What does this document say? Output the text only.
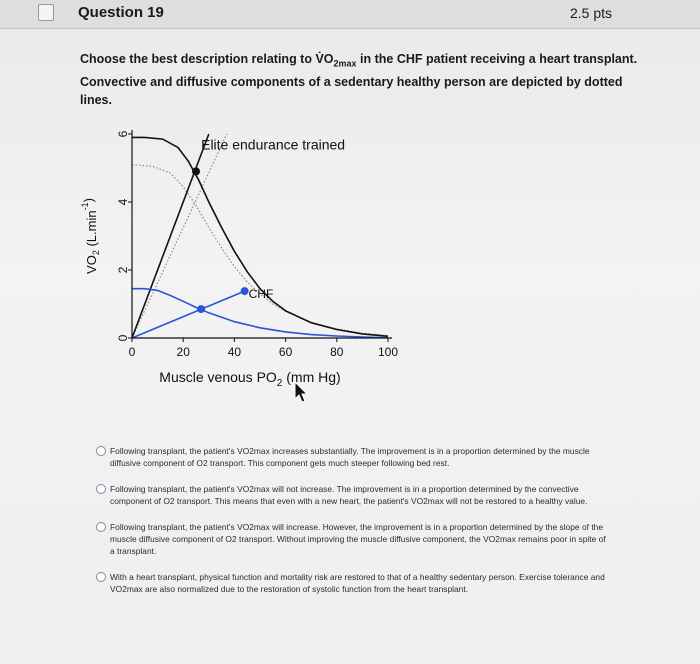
Question 19	2.5 pts
Choose the best description relating to $V̇O_{2max}$ in the CHF patient receiving a heart transplant.
Convective and diffusive components of a sedentary healthy person are depicted by dotted lines.
Elite endurance trained
CHF
0
2
4
6
0	20	40	60	80	100
$VO_2$ $(L.\min^{-1})$
Muscle venous $PO_2$ (mm Hg)
Following transplant, the patient's VO2max increases substantially. The improvement is in a proportion determined by the muscle diffusive component of O2 transport. This component gets much steeper following bed rest.
Following transplant, the patient's VO2max will not increase. The improvement is in a proportion determined by the convective component of O2 transport. This means that even with a new heart, the patient's VO2max will not be restored to a healthy value.
Following transplant, the patient's VO2max will increase. However, the improvement is in a proportion determined by the slope of the muscle diffusive component of O2 transport. Without improving the muscle diffusive component, the VO2max remains poor in spite of a transplant.
With a heart transplant, physical function and mortality risk are restored to that of a healthy sedentary person. Exercise tolerance and VO2max are also normalized due to the restoration of systolic function from the heart transplant.
